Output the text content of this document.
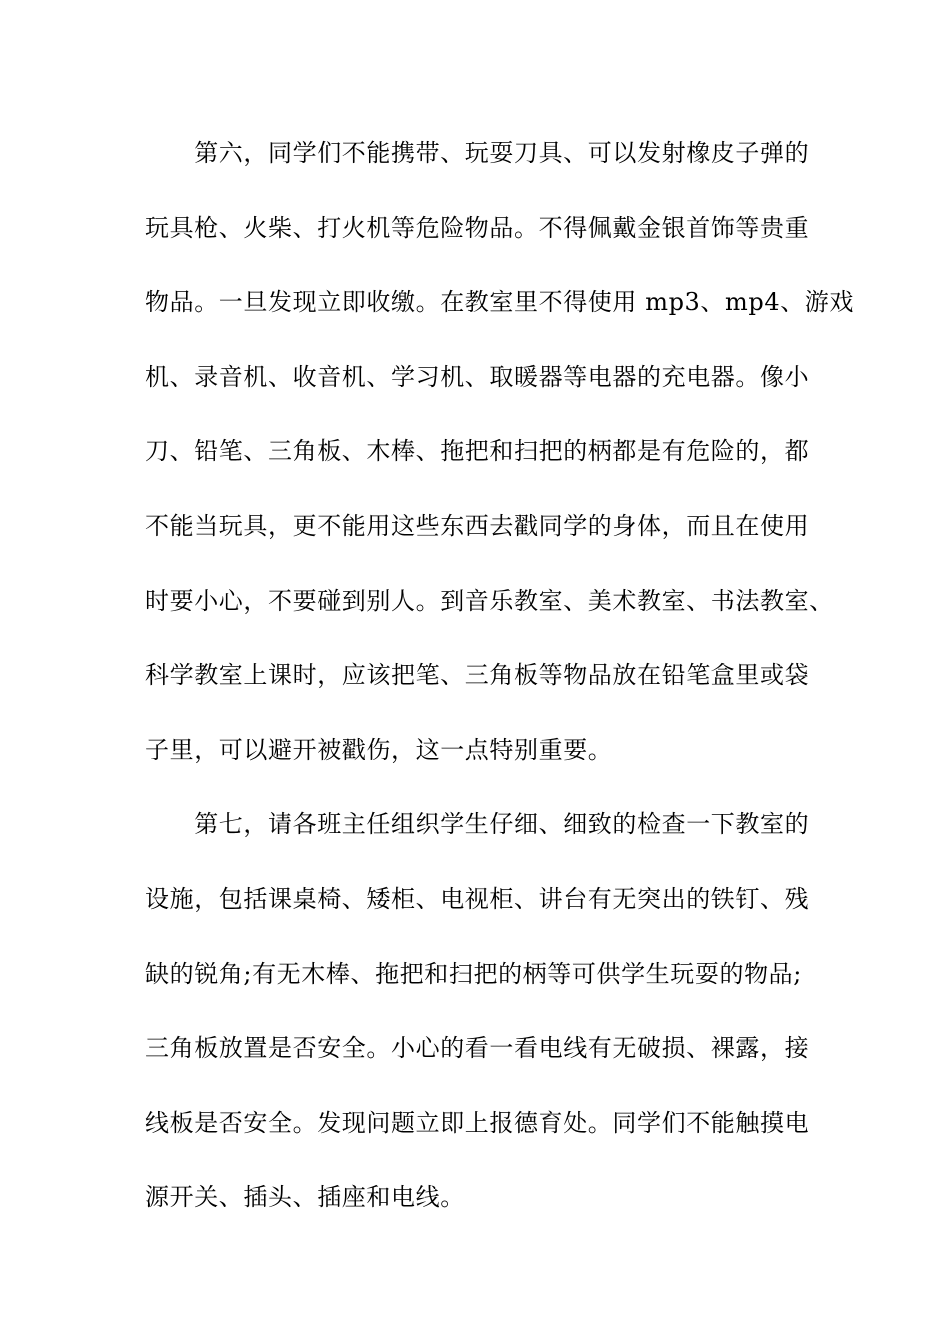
　　第六，同学们不能携带、玩耍刀具、可以发射橡皮子弹的
玩具枪、火柴、打火机等危险物品。不得佩戴金银首饰等贵重
物品。一旦发现立即收缴。在教室里不得使用 mp3、mp4、游戏
机、录音机、收音机、学习机、取暖器等电器的充电器。像小
刀、铅笔、三角板、木棒、拖把和扫把的柄都是有危险的，都
不能当玩具，更不能用这些东西去戳同学的身体，而且在使用
时要小心，不要碰到别人。到音乐教室、美术教室、书法教室、
科学教室上课时，应该把笔、三角板等物品放在铅笔盒里或袋
子里，可以避开被戳伤，这一点特别重要。
　　第七，请各班主任组织学生仔细、细致的检查一下教室的
设施，包括课桌椅、矮柜、电视柜、讲台有无突出的铁钉、残
缺的锐角;有无木棒、拖把和扫把的柄等可供学生玩耍的物品;
三角板放置是否安全。小心的看一看电线有无破损、裸露，接
线板是否安全。发现问题立即上报德育处。同学们不能触摸电
源开关、插头、插座和电线。
